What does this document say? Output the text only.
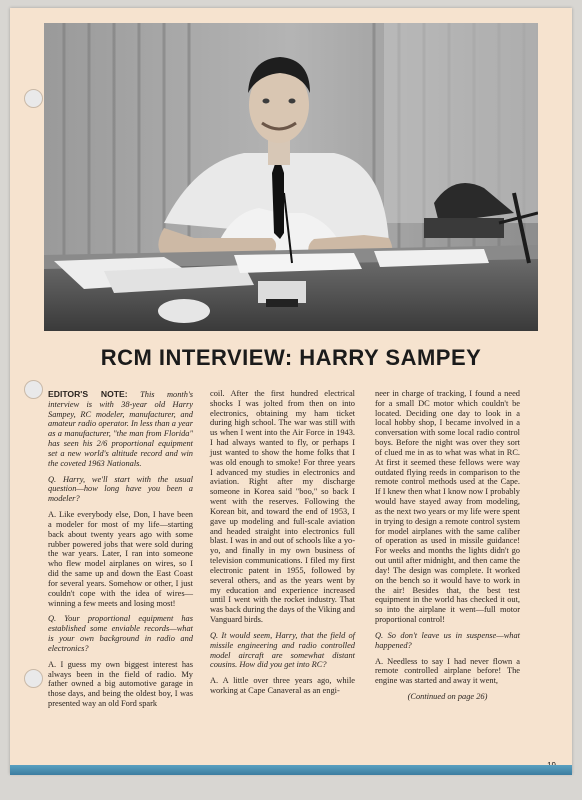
RCM INTERVIEW: HARRY SAMPEY

EDITOR'S NOTE: This month's interview is with 38-year old Harry Sampey, RC modeler, manufacturer, and amateur radio operator. In less than a year as a manufacturer, "the man from Florida" has seen his 2/6 proportional equipment set a new world's altitude record and win the coveted 1963 Nationals.

Q. Harry, we'll start with the usual question—how long have you been a modeler?

A. Like everybody else, Don, I have been a modeler for most of my life—starting back about twenty years ago with some rubber powered jobs that were sold during the war years. Later, I ran into someone who flew model airplanes on wires, so I did the same up and down the East Coast for several years. Somehow or other, I just couldn't cope with the idea of wires—winning a few meets and losing most!

Q. Your proportional equipment has established some enviable records—what is your own background in radio and electronics?

A. I guess my own biggest interest has always been in the field of radio. My father owned a big automotive garage in those days, and being the oldest boy, I was presented way an old Ford spark

coil. After the first hundred electrical shocks I was jolted from then on into electronics, obtaining my ham ticket during high school. The war was still with us when I went into the Air Force in 1943. I had always wanted to fly, or perhaps I just wanted to show the home folks that I was old enough to smoke! For three years I advanced my studies in electronics and aviation. Right after my discharge someone in Korea said "boo," so back I went with the reserves. Following the Korean bit, and toward the end of 1953, I gave up modeling and full-scale aviation and headed straight into electronics full blast. I was in and out of schools like a yo-yo, and finally in my own business of television communications. I filed my first electronic patent in 1955, followed by several others, and as the years went by my education and experience increased until I went with the rocket industry. That was back during the days of the Viking and Vanguard birds.

Q. It would seem, Harry, that the field of missile engineering and radio controlled model aircraft are somewhat distant cousins. How did you get into RC?

A. A little over three years ago, while working at Cape Canaveral as an engi-

neer in charge of tracking, I found a need for a small DC motor which couldn't be located. Deciding one day to look in a local hobby shop, I became involved in a conversation with some local radio control boys. Before the night was over they sort of clued me in as to what was what in RC. At first it seemed these fellows were way outdated flying reeds in comparison to the remote control methods used at the Cape. If I knew then what I know now I probably would have stayed away from modeling, as the next two years or my life were spent in trying to design a remote control system for model airplanes with the same caliber of operation as used in missile guidance! For weeks and months the lights didn't go out until after midnight, and then came the day! The design was complete. It worked on the bench so it would have to work in the air! Besides that, the best test equipment in the world has checked it out, so into the airplane it went—full motor proportional control!

Q. So don't leave us in suspense—what happened?

A. Needless to say I had never flown a remote controlled airplane before! The engine was started and away it went,

(Continued on page 26)
